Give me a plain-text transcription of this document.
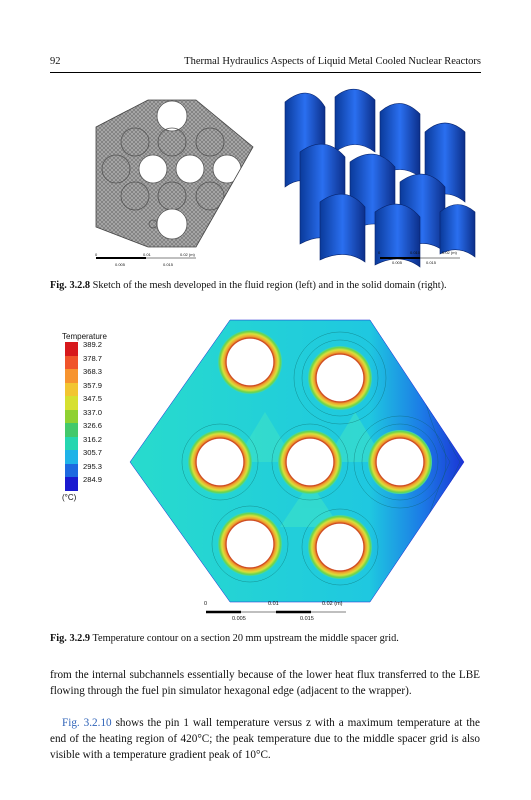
92	Thermal Hydraulics Aspects of Liquid Metal Cooled Nuclear Reactors
Fig. 3.2.8 Sketch of the mesh developed in the fluid region (left) and in the solid domain (right).
Temperature
389.2
378.7
368.3
357.9
347.5
337.0
326.6
316.2
305.7
295.3
284.9
(°C)
0	0.01	0.02 (m)
0.005	0.015
0	0.01	0.02 (m)
0.005	0.015
0	0.010	0.02 (m)
0.005	0.015
Fig. 3.2.9 Temperature contour on a section 20 mm upstream the middle spacer grid.
from the internal subchannels essentially because of the lower heat flux transferred to the LBE flowing through the fuel pin simulator hexagonal edge (adjacent to the wrapper).
Fig. 3.2.10 shows the pin 1 wall temperature versus z with a maximum temperature at the end of the heating region of 420°C; the peak temperature due to the middle spacer grid is also visible with a temperature gradient peak of 10°C.
